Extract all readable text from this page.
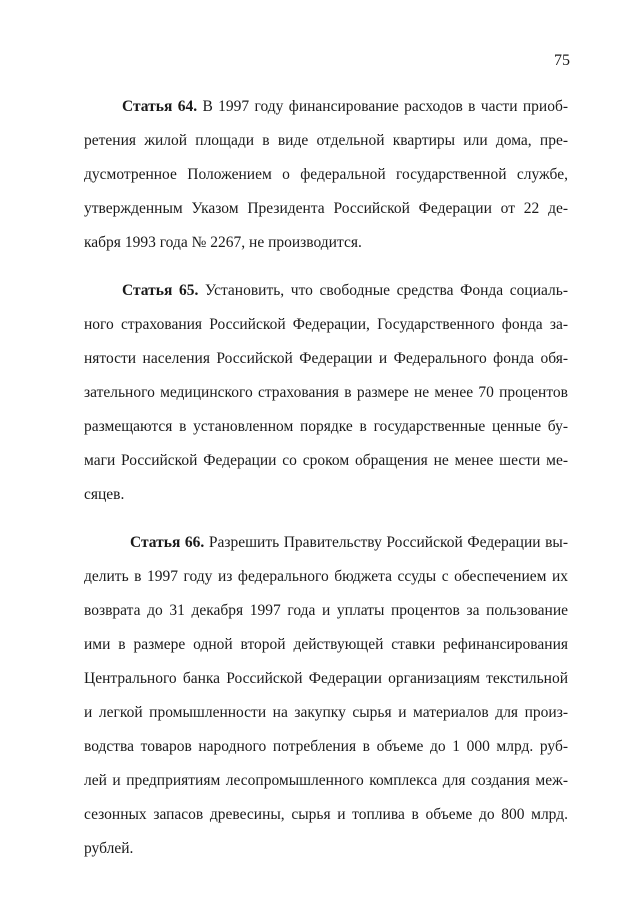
75
Статья 64. В 1997 году финансирование расходов в части приоб-
ретения жилой площади в виде отдельной квартиры или дома, пре-
дусмотренное Положением о федеральной государственной службе,
утвержденным Указом Президента Российской Федерации от 22 де-
кабря 1993 года № 2267, не производится.
Статья 65. Установить, что свободные средства Фонда социаль-
ного страхования Российской Федерации, Государственного фонда за-
нятости населения Российской Федерации и Федерального фонда обя-
зательного медицинского страхования в размере не менее 70 процентов
размещаются в установленном порядке в государственные ценные бу-
маги Российской Федерации со сроком обращения не менее шести ме-
сяцев.
Статья 66. Разрешить Правительству Российской Федерации вы-
делить в 1997 году из федерального бюджета ссуды с обеспечением их
возврата до 31 декабря 1997 года и уплаты процентов за пользование
ими в размере одной второй действующей ставки рефинансирования
Центрального банка Российской Федерации организациям текстильной
и легкой промышленности на закупку сырья и материалов для произ-
водства товаров народного потребления в объеме до 1 000 млрд. руб-
лей и предприятиям лесопромышленного комплекса для создания меж-
сезонных запасов древесины, сырья и топлива в объеме до 800 млрд.
рублей.
